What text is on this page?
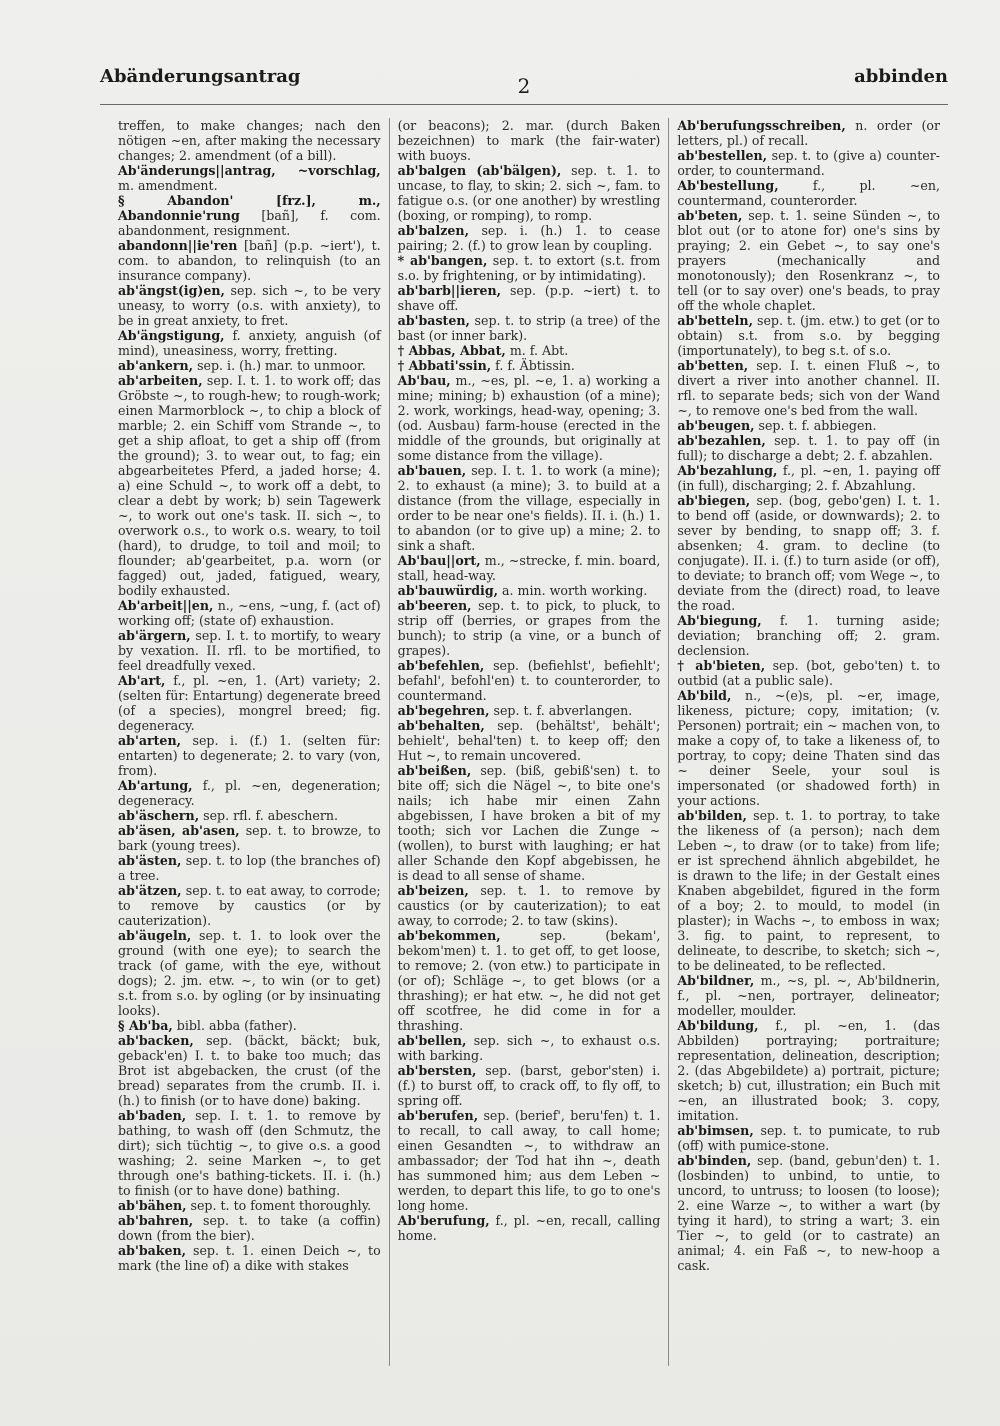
Abänderungsantrag	2	abbinden
treffen, to make changes; nach den nötigen ~en, after making the necessary changes; 2. amendment (of a bill).
Ab'änderungs||antrag, ~vorschlag, m. amendment.
§ Abandon' [frz.], m., Abandonnie'rung [bañ], f. com. abandonment, resignment.
abandonn||ie'ren [bañ] (p.p. ~iert'), t. com. to abandon, to relinquish (to an insurance company).
ab'ängst(ig)en, sep. sich ~, to be very uneasy, to worry (o.s. with anxiety), to be in great anxiety, to fret.
Ab'ängstigung, f. anxiety, anguish (of mind), uneasiness, worry, fretting.
ab'ankern, sep. i. (h.) mar. to unmoor.
ab'arbeiten, sep. I. t. 1. to work off; das Gröbste ~, to rough-hew; to rough-work; einen Marmorblock ~, to chip a block of marble; 2. ein Schiff vom Strande ~, to get a ship afloat, to get a ship off (from the ground); 3. to wear out, to fag; ein abgearbeitetes Pferd, a jaded horse; 4. a) eine Schuld ~, to work off a debt, to clear a debt by work; b) sein Tagewerk ~, to work out one's task. II. sich ~, to overwork o.s., to work o.s. weary, to toil (hard), to drudge, to toil and moil; to flounder; ab'gearbeitet, p.a. worn (or fagged) out, jaded, fatigued, weary, bodily exhausted.
Ab'arbeit||en, n., ~ens, ~ung, f. (act of) working off; (state of) exhaustion.
ab'ärgern, sep. I. t. to mortify, to weary by vexation. II. rfl. to be mortified, to feel dreadfully vexed.
Ab'art, f., pl. ~en, 1. (Art) variety; 2. (selten für: Entartung) degenerate breed (of a species), mongrel breed; fig. degeneracy.
ab'arten, sep. i. (f.) 1. (selten für: entarten) to degenerate; 2. to vary (von, from).
Ab'artung, f., pl. ~en, degeneration; degeneracy.
ab'äschern, sep. rfl. f. abeschern.
ab'äsen, ab'asen, sep. t. to browze, to bark (young trees).
ab'ästen, sep. t. to lop (the branches of) a tree.
ab'ätzen, sep. t. to eat away, to corrode; to remove by caustics (or by cauterization).
ab'äugeln, sep. t. 1. to look over the ground (with one eye); to search the track (of game, with the eye, without dogs); 2. jm. etw. ~, to win (or to get) s.t. from s.o. by ogling (or by insinuating looks).
§ Ab'ba, bibl. abba (father).
ab'backen, sep. (bäckt, bäckt; buk, geback'en) I. t. to bake too much; das Brot ist abgebacken, the crust (of the bread) separates from the crumb. II. i. (h.) to finish (or to have done) baking.
ab'baden, sep. I. t. 1. to remove by bathing, to wash off (den Schmutz, the dirt); sich tüchtig ~, to give o.s. a good washing; 2. seine Marken ~, to get through one's bathing-tickets. II. i. (h.) to finish (or to have done) bathing.
ab'bähen, sep. t. to foment thoroughly.
ab'bahren, sep. t. to take (a coffin) down (from the bier).
ab'baken, sep. t. 1. einen Deich ~, to mark (the line of) a dike with stakes
(or beacons); 2. mar. (durch Baken bezeichnen) to mark (the fair-water) with buoys.
ab'balgen (ab'bälgen), sep. t. 1. to uncase, to flay, to skin; 2. sich ~, fam. to fatigue o.s. (or one another) by wrestling (boxing, or romping), to romp.
ab'balzen, sep. i. (h.) 1. to cease pairing; 2. (f.) to grow lean by coupling.
* ab'bangen, sep. t. to extort (s.t. from s.o. by frightening, or by intimidating).
ab'barb||ieren, sep. (p.p. ~iert) t. to shave off.
ab'basten, sep. t. to strip (a tree) of the bast (or inner bark).
† Abbas, Abbat, m. f. Abt.
† Abbati'ssin, f. f. Äbtissin.
Ab'bau, m., ~es, pl. ~e, 1. a) working a mine; mining; b) exhaustion (of a mine); 2. work, workings, head-way, opening; 3. (od. Ausbau) farm-house (erected in the middle of the grounds, but originally at some distance from the village).
ab'bauen, sep. I. t. 1. to work (a mine); 2. to exhaust (a mine); 3. to build at a distance (from the village, especially in order to be near one's fields). II. i. (h.) 1. to abandon (or to give up) a mine; 2. to sink a shaft.
Ab'bau||ort, m., ~strecke, f. min. board, stall, head-way.
ab'bauwürdig, a. min. worth working.
ab'beeren, sep. t. to pick, to pluck, to strip off (berries, or grapes from the bunch); to strip (a vine, or a bunch of grapes).
ab'befehlen, sep. (befiehlst', befiehlt'; befahl', befohl'en) t. to counterorder, to countermand.
ab'begehren, sep. t. f. abverlangen.
ab'behalten, sep. (behältst', behält'; behielt', behal'ten) t. to keep off; den Hut ~, to remain uncovered.
ab'beißen, sep. (biß, gebiß'sen) t. to bite off; sich die Nägel ~, to bite one's nails; ich habe mir einen Zahn abgebissen, I have broken a bit of my tooth; sich vor Lachen die Zunge ~ (wollen), to burst with laughing; er hat aller Schande den Kopf abgebissen, he is dead to all sense of shame.
ab'beizen, sep. t. 1. to remove by caustics (or by cauterization); to eat away, to corrode; 2. to taw (skins).
ab'bekommen,	sep. (bekam', bekom'men) t. 1. to get off, to get loose, to remove; 2. (von etw.) to participate in (or of); Schläge ~, to get blows (or a thrashing); er hat etw. ~, he did not get off scotfree, he did come in for a thrashing.
ab'bellen, sep. sich ~, to exhaust o.s. with barking.
ab'bersten, sep. (barst, gebor'sten) i. (f.) to burst off, to crack off, to fly off, to spring off.
ab'berufen, sep. (berief', beru'fen) t. 1. to recall, to call away, to call home; einen Gesandten ~, to withdraw an ambassador; der Tod hat ihn ~, death has summoned him; aus dem Leben ~ werden, to depart this life, to go to one's long home.
Ab'berufung, f., pl. ~en, recall, calling home.
Ab'berufungsschreiben, n. order (or letters, pl.) of recall.
ab'bestellen, sep. t. to (give a) counter-order, to countermand.
Ab'bestellung,	f., pl. ~en, countermand, counterorder.
ab'beten, sep. t. 1. seine Sünden ~, to blot out (or to atone for) one's sins by praying; 2. ein Gebet ~, to say one's prayers (mechanically and monotonously); den Rosenkranz ~, to tell (or to say over) one's beads, to pray off the whole chaplet.
ab'betteln, sep. t. (jm. etw.) to get (or to obtain) s.t. from s.o. by begging (importunately), to beg s.t. of s.o.
ab'betten, sep. I. t. einen Fluß ~, to divert a river into another channel. II. rfl. to separate beds; sich von der Wand ~, to remove one's bed from the wall.
ab'beugen, sep. t. f. abbiegen.
ab'bezahlen, sep. t. 1. to pay off (in full); to discharge a debt; 2. f. abzahlen.
Ab'bezahlung, f., pl. ~en, 1. paying off (in full), discharging; 2. f. Abzahlung.
ab'biegen, sep. (bog, gebo'gen) I. t. 1. to bend off (aside, or downwards); 2. to sever by bending, to snapp off; 3. f. absenken; 4. gram. to decline (to conjugate). II. i. (f.) to turn aside (or off), to deviate; to branch off; vom Wege ~, to deviate from the (direct) road, to leave the road.
Ab'biegung, f. 1. turning aside; deviation; branching off; 2. gram. declension.
† ab'bieten, sep. (bot, gebo'ten) t. to outbid (at a public sale).
Ab'bild, n., ~(e)s, pl. ~er, image, likeness, picture; copy, imitation; (v. Personen) portrait; ein ~ machen von, to make a copy of, to take a likeness of, to portray, to copy; deine Thaten sind das ~ deiner Seele, your soul is impersonated (or shadowed forth) in your actions.
ab'bilden, sep. t. 1. to portray, to take the likeness of (a person); nach dem Leben ~, to draw (or to take) from life; er ist sprechend ähnlich abgebildet, he is drawn to the life; in der Gestalt eines Knaben abgebildet, figured in the form of a boy; 2. to mould, to model (in plaster); in Wachs ~, to emboss in wax; 3. fig. to paint, to represent, to delineate, to describe, to sketch; sich ~, to be delineated, to be reflected.
Ab'bildner, m., ~s, pl. ~, Ab'bildnerin, f., pl. ~nen, portrayer, delineator; modeller, moulder.
Ab'bildung, f., pl. ~en, 1. (das Abbilden) portraying; portraiture; representation, delineation, description; 2. (das Abgebildete) a) portrait, picture; sketch; b) cut, illustration; ein Buch mit ~en, an illustrated book; 3. copy, imitation.
ab'bimsen, sep. t. to pumicate, to rub (off) with pumice-stone.
ab'binden, sep. (band, gebun'den) t. 1. (losbinden) to unbind, to untie, to uncord, to untruss; to loosen (to loose); 2. eine Warze ~, to wither a wart (by tying it hard), to string a wart; 3. ein Tier ~, to geld (or to castrate) an animal; 4. ein Faß ~, to new-hoop a cask.
